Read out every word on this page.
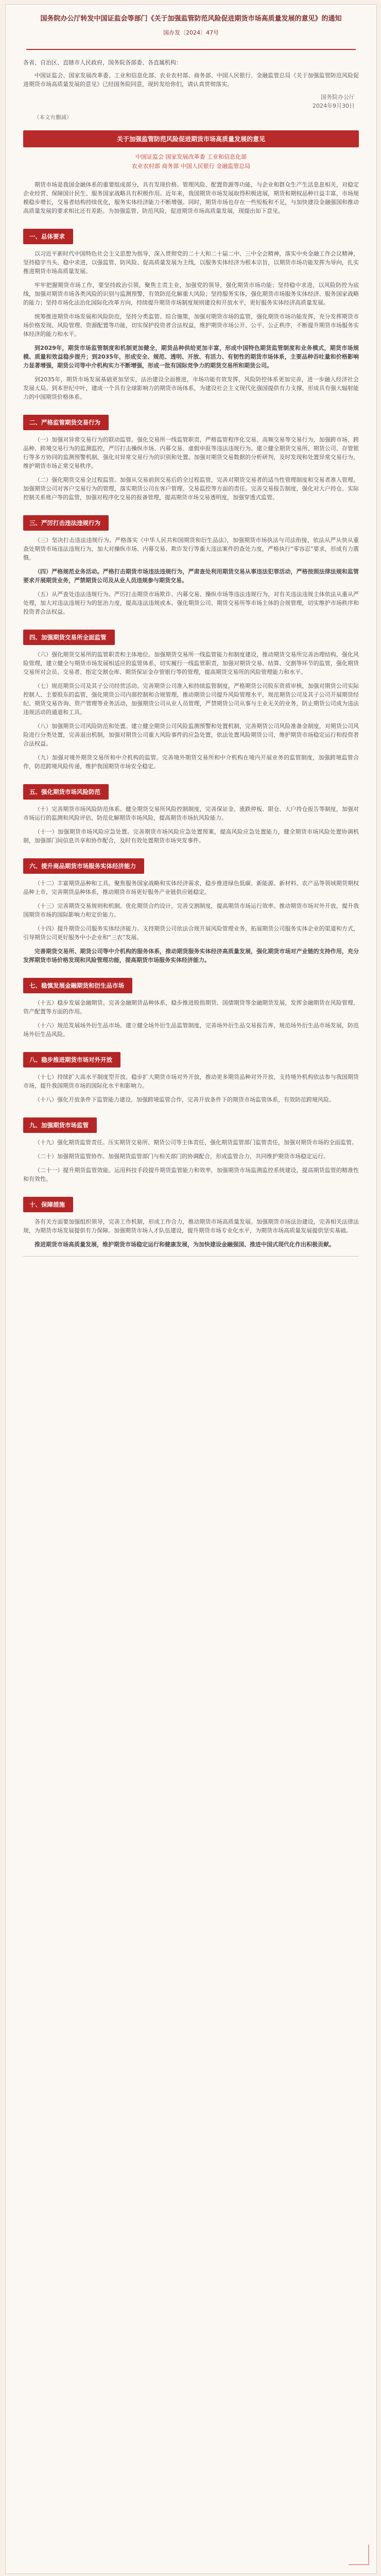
国务院办公厅转发中国证监会等部门《关于加强监管防范风险促进期货市场高质量发展的意见》的通知
国办发〔2024〕47号
各省、自治区、直辖市人民政府，国务院各部委、各直属机构：
中国证监会、国家发展改革委、工业和信息化部、农业农村部、商务部、中国人民银行、金融监管总局《关于加强监管防范风险促进期货市场高质量发展的意见》已经国务院同意，现转发给你们，请认真贯彻落实。
国务院办公厅
2024年9月30日
（本文有删减）
关于加强监管防范风险促进期货市场高质量发展的意见
中国证监会 国家发展改革委 工业和信息化部
农业农村部 商务部 中国人民银行 金融监管总局
期货市场是我国金融体系的重要组成部分，具有发现价格、管理风险、配置资源等功能，与企业和群众生产生活息息相关，对稳定企业经营、保障国计民生、服务国家战略具有积极作用。近年来，我国期货市场发展取得积极进展，期货和期权品种日益丰富，市场规模稳步增长，交易者结构持续优化，服务实体经济能力不断增强。同时，期货市场也存在一些短板和不足，与加快建设金融强国和推动高质量发展的要求相比还有差距。为加强监管、防范风险，促进期货市场高质量发展，现提出如下意见。
一、总体要求
以习近平新时代中国特色社会主义思想为指导，深入贯彻党的二十大和二十届二中、三中全会精神，落实中央金融工作会议精神，坚持稳字当头、稳中求进，以强监管、防风险、促高质量发展为主线，以服务实体经济为根本宗旨，以期货市场功能发挥为导向，扎实推进期货市场高质量发展。
牢牢把握期货市场工作，要坚持政治引领，聚焦主责主业，加强党的领导，强化期货市场功能；坚持稳中求进，以风险防控为底线，加强对期货市场各类风险的识别与监测预警，有效防范化解重大风险；坚持服务实体，强化期货市场服务实体经济、服务国家战略的能力；坚持市场化法治化国际化改革方向，持续提升期货市场制度规则建设和开放水平，更好服务实体经济高质量发展。
统筹推进期货市场发展和风险防范，坚持分类监管、综合施策，加强对期货市场的监管，强化期货市场功能发挥，充分发挥期货市场价格发现、风险管理、资源配置等功能，切实保护投资者合法权益，维护期货市场公开、公平、公正秩序，不断提升期货市场服务实体经济的能力和水平。
到2029年，期货市场监管制度和机制更加健全，期货品种供给更加丰富，形成中国特色期货监管制度和业务模式，期货市场规模、质量和效益稳步提升；到2035年，形成安全、规范、透明、开放、有活力、有韧性的期货市场体系，主要品种吞吐量和价格影响力显著增强，期货公司等中介机构实力不断增强，形成一批有国际竞争力的期货交易所和期货公司。
到2035年，期货市场发展基础更加坚实，法治建设全面推进，市场功能有效发挥，风险防控体系更加完善，进一步融入经济社会发展大局。到本世纪中叶，建成一个具有全球影响力的期货市场体系，为建设社会主义现代化强国提供有力支撑，形成具有强大辐射能力的中国期货价格体系。
二、严格监管期货交易行为
（一）加强对异常交易行为的联动监管。强化交易所一线监管职责，严格监管程序化交易、高频交易等交易行为，加强跨市场、跨品种、跨境交易行为的监测监控，严厉打击操纵市场、内幕交易、虚假申报等违法违规行为。建立健全期货交易所、期货公司、存管银行等多方协同的监测预警机制，强化对异常交易行为的识别和处置。加强对期货交易数据的分析研判，及时发现和处置异常交易行为，维护期货市场正常交易秩序。
（二）强化期货交易全过程监管。加强从交易前到交易后的全过程监管，完善对期货交易者的适当性管理制度和交易者准入管理。加强期货公司对客户交易行为的管理，落实期货公司在客户管理、交易监控等方面的责任。完善交易报告制度，强化对大户持仓、实际控制关系账户等的监管，加强对程序化交易的报备管理，提高期货市场交易透明度，加强穿透式监管。
三、严厉打击违法违规行为
（三）坚决打击违法违规行为。严格落实《中华人民共和国期货和衍生品法》，加强期货市场执法与司法衔接，依法从严从快从重查处期货市场违法违规行为，加大对操纵市场、内幕交易、欺诈发行等重大违法案件的查处力度，严格执行“零容忍”要求，形成有力震慑。
（四）严格规范业务活动。严格打击期货市场违法违规行为，严肃查处利用期货交易从事违法犯罪活动，严格按照法律法规和监管要求开展期货业务，严禁期货公司及从业人员违规参与期货交易。
（五）从严查处违法违规行为。严厉打击期货市场欺诈、内幕交易、操纵市场等违法违规行为，对有关违法违规主体依法从重从严处理，加大对违法违规行为的惩治力度，提高违法违规成本。强化期货公司、期货交易所等市场主体的合规管理，切实维护市场秩序和投资者合法权益。
四、加强期货交易所全面监管
（六）强化期货交易所的监管职责和主体地位。加强期货交易所一线监管能力和制度建设，推动期货交易所完善治理结构，强化风险管理，建立健全与期货市场发展相适应的监管体系，切实履行一线监管职责，加强对期货交易、结算、交割等环节的监管，强化期货交易所对会员、交易者、指定交割仓库、期货保证金存管银行等的管理，提高期货交易所的风险管理能力和水平。
（七）规范期货公司及其子公司经营活动。完善期货公司准入和持续监管制度，严格期货公司股东资质审核，加强对期货公司实际控制人、主要股东的监管，强化期货公司内部控制和合规管理，推动期货公司提升风险管理水平，规范期货公司及其子公司开展期货经纪、期货交易咨询、资产管理等业务活动，加强期货公司从业人员管理，严禁期货公司从事与主业无关的业务，防止期货公司成为违法违规活动的通道和工具。
（八）加强期货公司风险防范和处置。建立健全期货公司风险监测预警和处置机制，完善期货公司风险准备金制度，对期货公司风险进行分类处置，完善退出机制，加强对期货公司重大风险事件的应急处置，依法处置风险期货公司，维护期货市场稳定运行和投资者合法权益。
（九）加强对境外期货交易所和中介机构的监管。完善境外期货交易所和中介机构在境内开展业务的监管制度，加强跨境监管合作，防范跨境风险传递，维护我国期货市场安全稳定。
五、强化期货市场风险防范
（十）完善期货市场风险防范体系。健全期货交易所风险控制制度，完善保证金、涨跌停板、限仓、大户持仓报告等制度，加强对市场运行的监测和风险评估，防范化解期货市场风险，提高期货市场抗风险能力。
（十一）加强期货市场风险应急处置。完善期货市场风险应急处置预案，提高风险应急处置能力，健全期货市场风险处置协调机制，加强部门间信息共享和协作配合，及时有效处置期货市场突发事件。
六、提升商品期货市场服务实体经济能力
（十二）丰富期货品种和工具。聚焦服务国家战略和实体经济需求，稳步推进绿色低碳、新能源、新材料、农产品等领域期货期权品种上市，完善期货品种体系，推动期货市场更好服务产业链供应链稳定。
（十三）完善期货交易规则和机制。优化期货合约设计，完善交割制度，提高期货市场运行效率。推动期货市场对外开放，提升我国期货市场的国际影响力和定价能力。
（十四）提升期货公司服务实体经济能力。支持期货公司依法合规开展风险管理业务，拓展期货公司服务实体企业的渠道和方式，引导期货公司更好服务中小企业和“三农”发展。
完善期货交易所、期货公司等中介机构的服务体系，推动期货服务实体经济高质量发展，强化期货市场对产业链的支持作用，充分发挥期货市场价格发现和风险管理功能，提高期货市场服务实体经济能力。
七、稳慎发展金融期货和衍生品市场
（十五）稳步发展金融期货。完善金融期货品种体系，稳步推进股指期货、国债期货等金融期货发展，发挥金融期货在风险管理、资产配置等方面的作用。
（十六）规范发展场外衍生品市场。建立健全场外衍生品监管制度，完善场外衍生品交易报告库，规范场外衍生品市场发展，防范场外衍生品风险。
八、稳步推进期货市场对外开放
（十七）持续扩大高水平制度型开放。稳步扩大期货市场对外开放，推动更多期货品种对外开放，支持境外机构依法参与我国期货市场，提升我国期货市场的国际化水平和影响力。
（十八）强化开放条件下监管能力建设。加强跨境监管合作，完善开放条件下的期货市场监管体系，有效防范跨境风险。
九、加强期货市场监管
（十九）强化期货监管责任。压实期货交易所、期货公司等主体责任，强化期货监管部门监管责任，加强对期货市场的全面监管。
（二十）加强期货监管协作。加强期货监管部门与相关部门的协调配合，形成监管合力，共同维护期货市场稳定运行。
（二十一）提升期货监管效能。运用科技手段提升期货监管能力和效率，加强期货市场监测监控系统建设，提高期货监管的精准性和有效性。
十、保障措施
各有关方面要加强组织领导，完善工作机制，形成工作合力，推动期货市场高质量发展。加强期货市场法治建设，完善相关法律法规，为期货市场发展提供有力保障。加强期货市场人才队伍建设，提升期货市场专业化水平，为期货市场高质量发展提供坚实基础。
推进期货市场高质量发展，维护期货市场稳定运行和健康发展，为加快建设金融强国、推进中国式现代化作出积极贡献。
